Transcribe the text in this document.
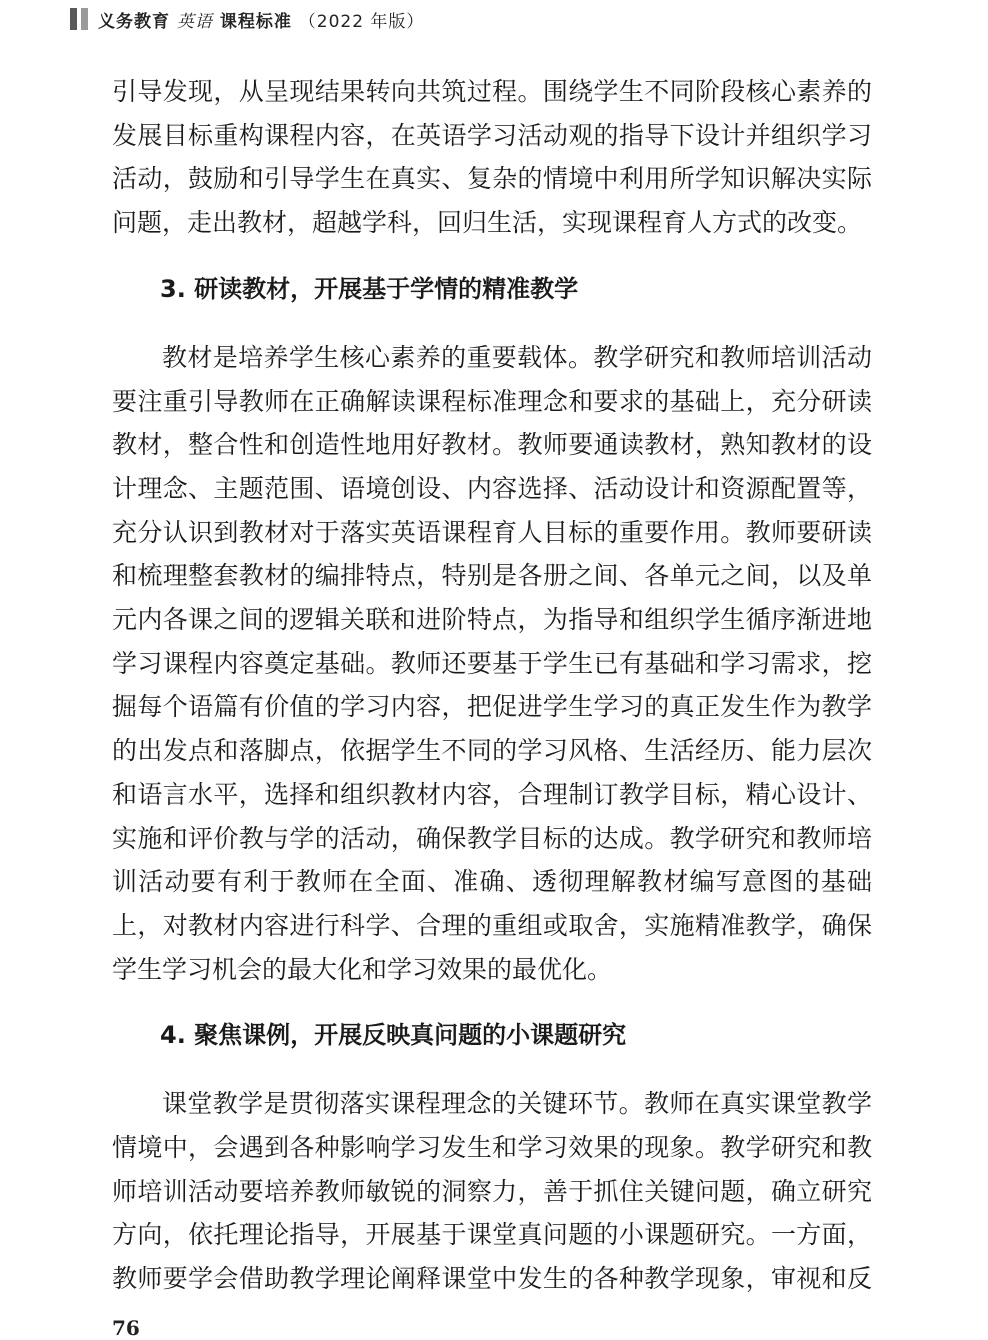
义务教育 英语 课程标准 （2022 年版）
引导发现，从呈现结果转向共筑过程。围绕学生不同阶段核心素养的
发展目标重构课程内容，在英语学习活动观的指导下设计并组织学习
活动，鼓励和引导学生在真实、复杂的情境中利用所学知识解决实际
问题，走出教材，超越学科，回归生活，实现课程育人方式的改变。
3. 研读教材，开展基于学情的精准教学
教材是培养学生核心素养的重要载体。教学研究和教师培训活动
要注重引导教师在正确解读课程标准理念和要求的基础上，充分研读
教材，整合性和创造性地用好教材。教师要通读教材，熟知教材的设
计理念、主题范围、语境创设、内容选择、活动设计和资源配置等，
充分认识到教材对于落实英语课程育人目标的重要作用。教师要研读
和梳理整套教材的编排特点，特别是各册之间、各单元之间，以及单
元内各课之间的逻辑关联和进阶特点，为指导和组织学生循序渐进地
学习课程内容奠定基础。教师还要基于学生已有基础和学习需求，挖
掘每个语篇有价值的学习内容，把促进学生学习的真正发生作为教学
的出发点和落脚点，依据学生不同的学习风格、生活经历、能力层次
和语言水平，选择和组织教材内容，合理制订教学目标，精心设计、
实施和评价教与学的活动，确保教学目标的达成。教学研究和教师培
训活动要有利于教师在全面、准确、透彻理解教材编写意图的基础
上，对教材内容进行科学、合理的重组或取舍，实施精准教学，确保
学生学习机会的最大化和学习效果的最优化。
4. 聚焦课例，开展反映真问题的小课题研究
课堂教学是贯彻落实课程理念的关键环节。教师在真实课堂教学
情境中，会遇到各种影响学习发生和学习效果的现象。教学研究和教
师培训活动要培养教师敏锐的洞察力，善于抓住关键问题，确立研究
方向，依托理论指导，开展基于课堂真问题的小课题研究。一方面，
教师要学会借助教学理论阐释课堂中发生的各种教学现象，审视和反
76
